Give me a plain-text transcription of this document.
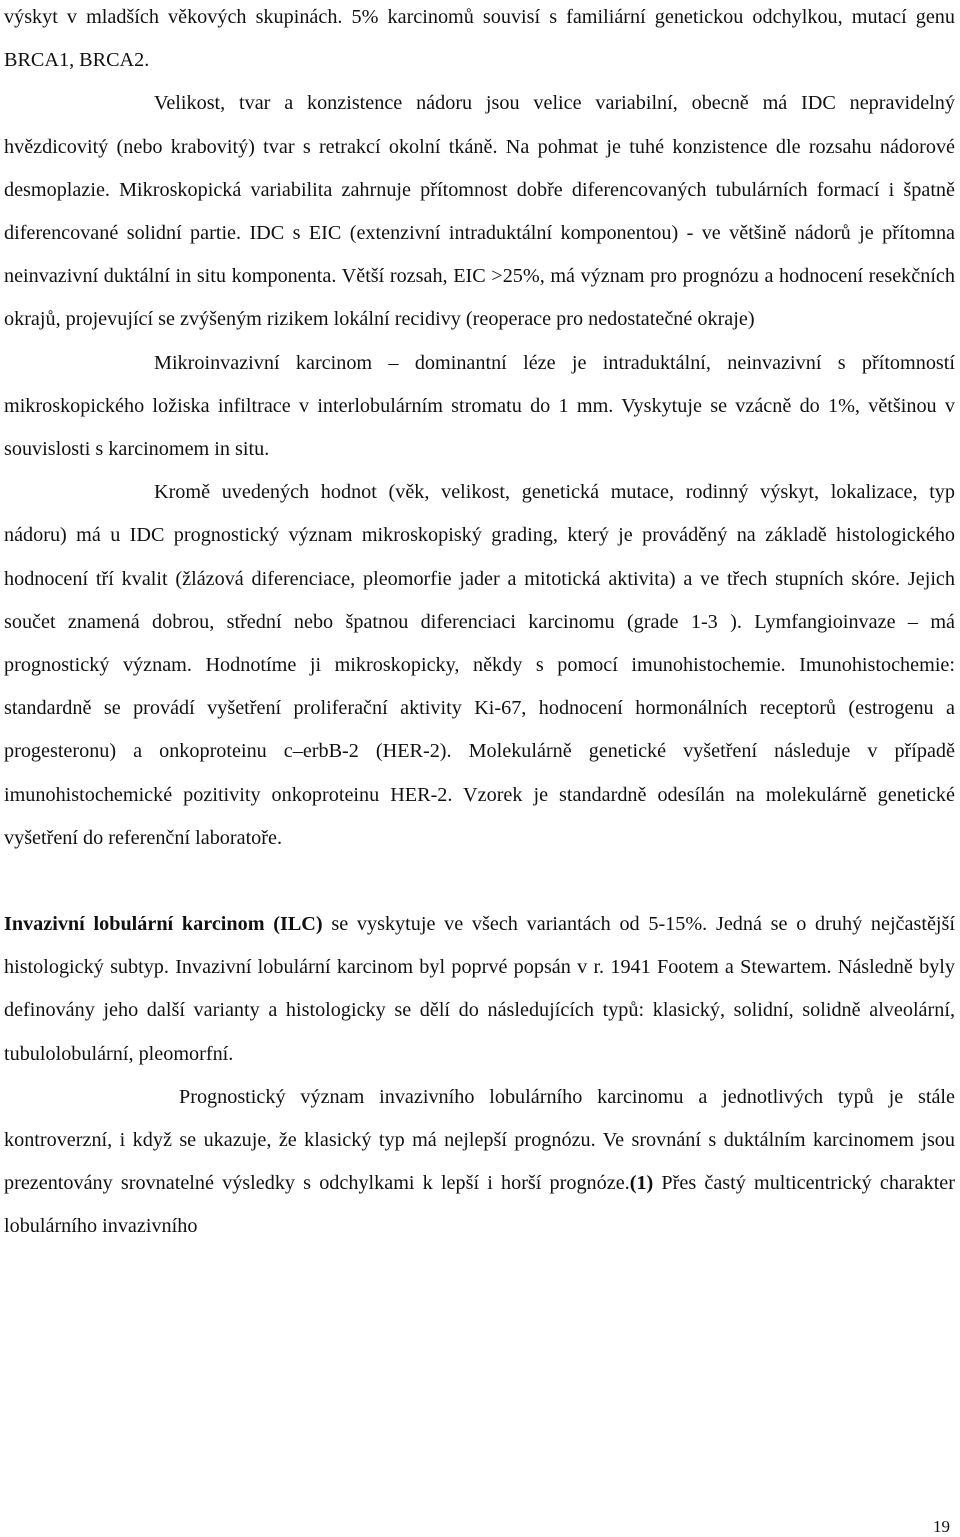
výskyt v mladších věkových skupinách. 5% karcinomů souvisí s familiární genetickou odchylkou, mutací genu BRCA1, BRCA2.

Velikost, tvar a konzistence nádoru jsou velice variabilní, obecně má IDC nepravidelný hvězdicovitý (nebo krabovitý) tvar s retrakcí okolní tkáně. Na pohmat je tuhé konzistence dle rozsahu nádorové desmoplazie. Mikroskopická variabilita zahrnuje přítomnost dobře diferencovaných tubulárních formací i špatně diferencované solidní partie. IDC s EIC (extenzivní intraduktální komponentou) - ve většině nádorů je přítomna neinvazivní duktální in situ komponenta. Větší rozsah, EIC >25%, má význam pro prognózu a hodnocení resekčních okrajů, projevující se zvýšeným rizikem lokální recidivy (reoperace pro nedostatečné okraje)

Mikroinvazivní karcinom – dominantní léze je intraduktální, neinvazivní s přítomností mikroskopického ložiska infiltrace v interlobulárním stromatu do 1 mm. Vyskytuje se vzácně do 1%, většinou v souvislosti s karcinomem in situ.

Kromě uvedených hodnot (věk, velikost, genetická mutace, rodinný výskyt, lokalizace, typ nádoru) má u IDC prognostický význam mikroskopiský grading, který je prováděný na základě histologického hodnocení tří kvalit (žlázová diferenciace, pleomorfie jader a mitotická aktivita) a ve třech stupních skóre. Jejich součet znamená dobrou, střední nebo špatnou diferenciaci karcinomu (grade 1-3 ). Lymfangioinvaze – má prognostický význam. Hodnotíme ji mikroskopicky, někdy s pomocí imunohistochemie. Imunohistochemie: standardně se provádí vyšetření proliferační aktivity Ki-67, hodnocení hormonálních receptorů (estrogenu a progesteronu) a onkoproteinu c–erbB-2 (HER-2). Molekulárně genetické vyšetření následuje v případě imunohistochemické pozitivity onkoproteinu HER-2. Vzorek je standardně odesílán na molekulárně genetické vyšetření do referenční laboratoře.

Invazivní lobulární karcinom (ILC) se vyskytuje ve všech variantách od 5-15%. Jedná se o druhý nejčastější histologický subtyp. Invazivní lobulární karcinom byl poprvé popsán v r. 1941 Footem a Stewartem. Následně byly definovány jeho další varianty a histologicky se dělí do následujících typů: klasický, solidní, solidně alveolární, tubulolobulární, pleomorfní.

Prognostický význam invazivního lobulárního karcinomu a jednotlivých typů je stále kontroverzní, i když se ukazuje, že klasický typ má nejlepší prognózu. Ve srovnání s duktálním karcinomem jsou prezentovány srovnatelné výsledky s odchylkami k lepší i horší prognóze.(1) Přes častý multicentrický charakter lobulárního invazivního

19
